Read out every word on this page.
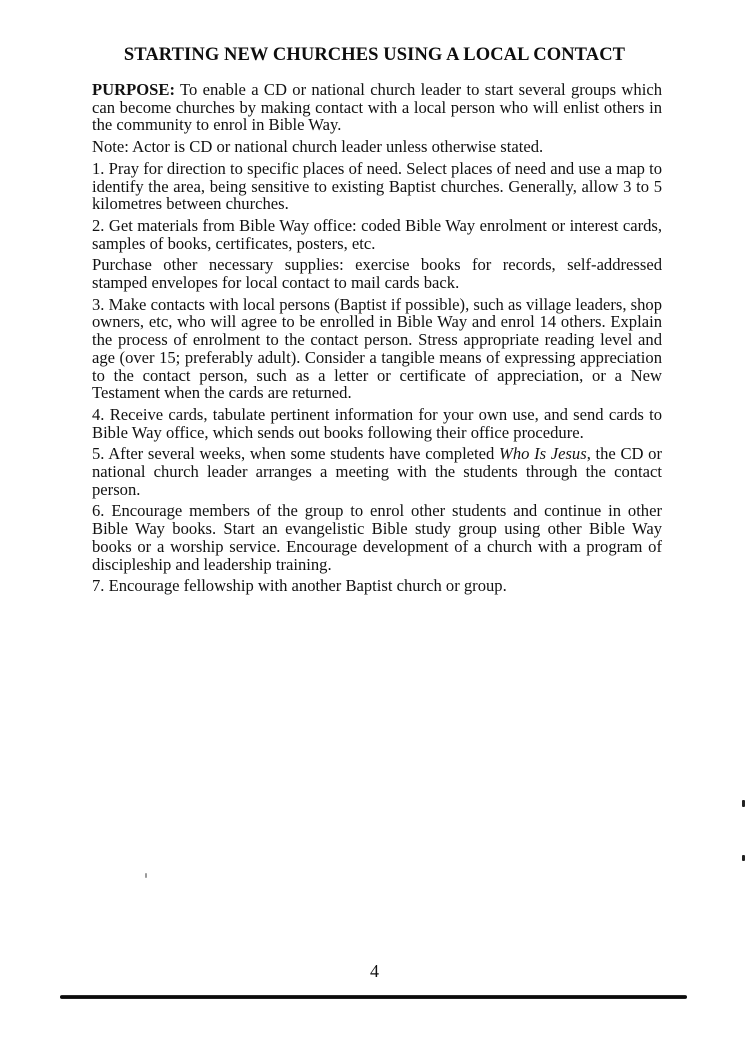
STARTING NEW CHURCHES USING A LOCAL CONTACT

PURPOSE: To enable a CD or national church leader to start several groups which can become churches by making contact with a local person who will enlist others in the community to enrol in Bible Way.

Note: Actor is CD or national church leader unless otherwise stated.

1. Pray for direction to specific places of need. Select places of need and use a map to identify the area, being sensitive to existing Baptist churches. Generally, allow 3 to 5 kilometres between churches.

2. Get materials from Bible Way office: coded Bible Way enrolment or interest cards, samples of books, certificates, posters, etc.

Purchase other necessary supplies: exercise books for records, self-addressed stamped envelopes for local contact to mail cards back.

3. Make contacts with local persons (Baptist if possible), such as village leaders, shop owners, etc, who will agree to be enrolled in Bible Way and enrol 14 others. Explain the process of enrolment to the contact person. Stress appropriate reading level and age (over 15; preferably adult). Consider a tangible means of expressing appreciation to the contact person, such as a letter or certificate of appreciation, or a New Testament when the cards are returned.

4. Receive cards, tabulate pertinent information for your own use, and send cards to Bible Way office, which sends out books following their office procedure.

5. After several weeks, when some students have completed Who Is Jesus, the CD or national church leader arranges a meeting with the students through the contact person.

6. Encourage members of the group to enrol other students and continue in other Bible Way books. Start an evangelistic Bible study group using other Bible Way books or a worship service. Encourage development of a church with a program of discipleship and leadership training.

7. Encourage fellowship with another Baptist church or group.

4
